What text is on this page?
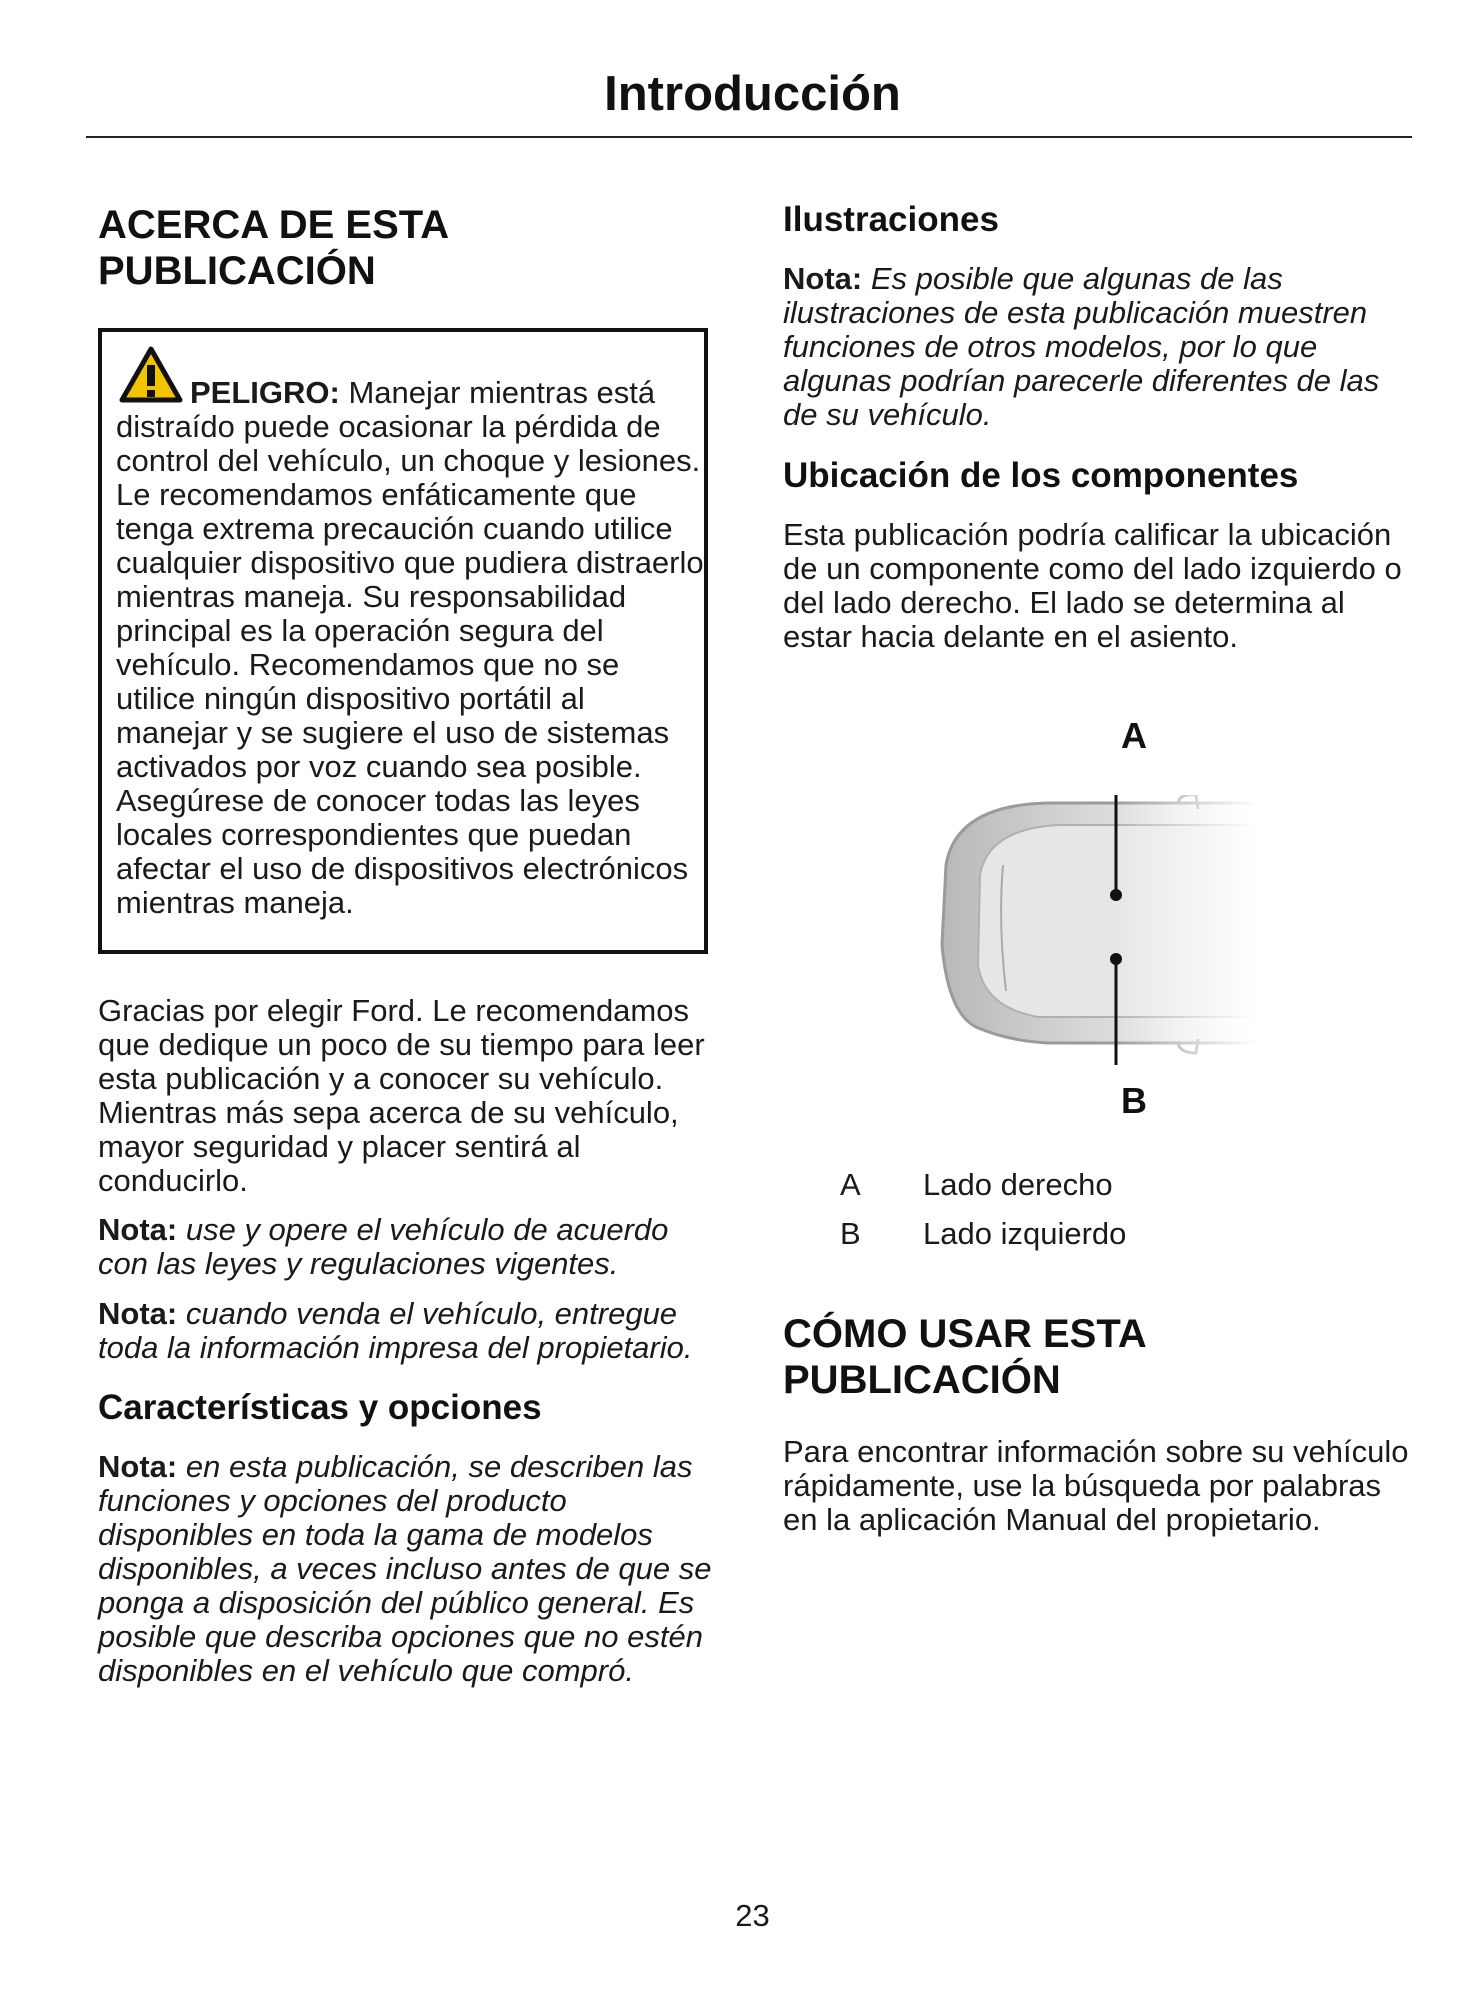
Introducción
ACERCA DE ESTA PUBLICACIÓN

PELIGRO: Manejar mientras está distraído puede ocasionar la pérdida de control del vehículo, un choque y lesiones. Le recomendamos enfáticamente que tenga extrema precaución cuando utilice cualquier dispositivo que pudiera distraerlo mientras maneja. Su responsabilidad principal es la operación segura del vehículo. Recomendamos que no se utilice ningún dispositivo portátil al manejar y se sugiere el uso de sistemas activados por voz cuando sea posible. Asegúrese de conocer todas las leyes locales correspondientes que puedan afectar el uso de dispositivos electrónicos mientras maneja.

Gracias por elegir Ford. Le recomendamos que dedique un poco de su tiempo para leer esta publicación y a conocer su vehículo. Mientras más sepa acerca de su vehículo, mayor seguridad y placer sentirá al conducirlo.

Nota: use y opere el vehículo de acuerdo con las leyes y regulaciones vigentes.

Nota: cuando venda el vehículo, entregue toda la información impresa del propietario.

Características y opciones

Nota: en esta publicación, se describen las funciones y opciones del producto disponibles en toda la gama de modelos disponibles, a veces incluso antes de que se ponga a disposición del público general. Es posible que describa opciones que no estén disponibles en el vehículo que compró.

Ilustraciones

Nota: Es posible que algunas de las ilustraciones de esta publicación muestren funciones de otros modelos, por lo que algunas podrían parecerle diferentes de las de su vehículo.

Ubicación de los componentes

Esta publicación podría calificar la ubicación de un componente como del lado izquierdo o del lado derecho. El lado se determina al estar hacia delante en el asiento.

A
B
A Lado derecho
B Lado izquierdo
CÓMO USAR ESTA PUBLICACIÓN

Para encontrar información sobre su vehículo rápidamente, use la búsqueda por palabras en la aplicación Manual del propietario.

23
